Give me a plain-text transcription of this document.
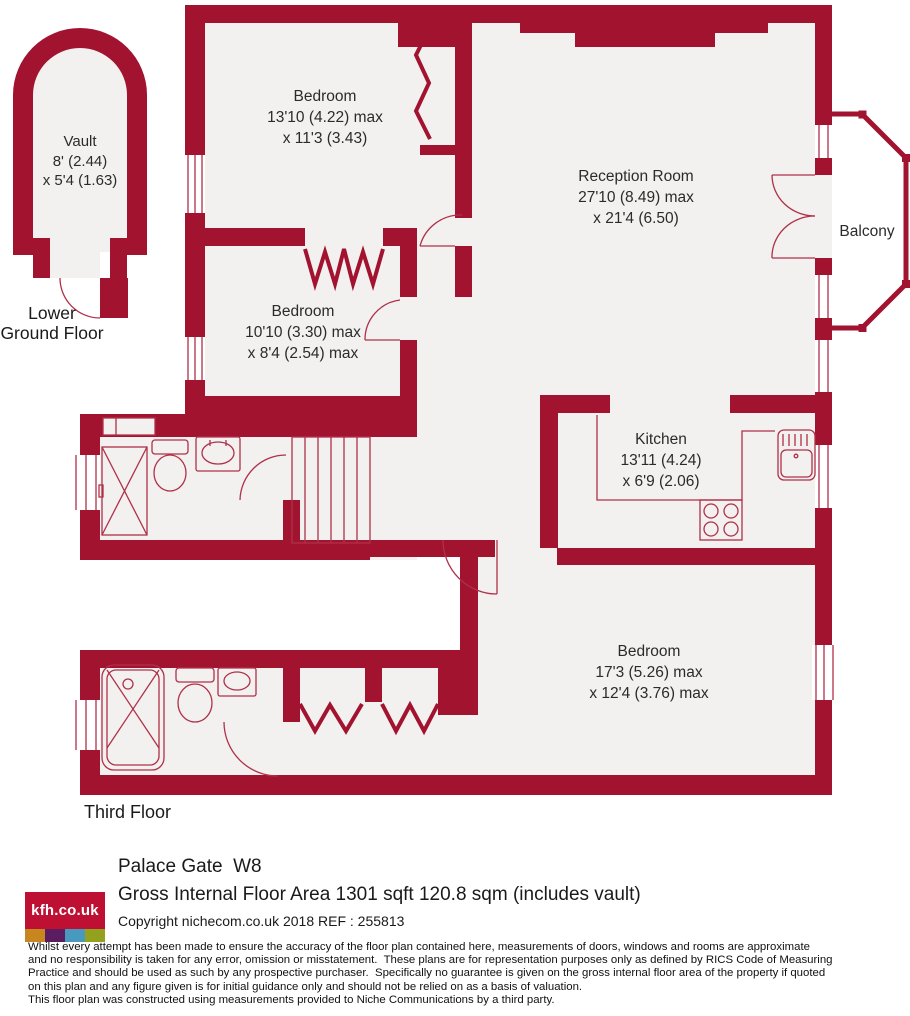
Vault
8' (2.44)
x 5'4 (1.63)
Bedroom
13'10 (4.22) max
x 11'3 (3.43)
Reception Room
27'10 (8.49) max
x 21'4 (6.50)
Balcony
Bedroom
10'10 (3.30) max
x 8'4 (2.54) max
Kitchen
13'11 (4.24)
x 6'9 (2.06)
Bedroom
17'3 (5.26) max
x 12'4 (3.76) max
Lower
Ground Floor
Third Floor
kfh.co.uk
Palace Gate  W8
Gross Internal Floor Area 1301 sqft 120.8 sqm (includes vault)
Copyright nichecom.co.uk 2018 REF : 255813
Whilst every attempt has been made to ensure the accuracy of the floor plan contained here, measurements of doors, windows and rooms are approximate
and no responsibility is taken for any error, omission or misstatement.  These plans are for representation purposes only as defined by RICS Code of Measuring
Practice and should be used as such by any prospective purchaser.  Specifically no guarantee is given on the gross internal floor area of the property if quoted
on this plan and any figure given is for initial guidance only and should not be relied on as a basis of valuation.
This floor plan was constructed using measurements provided to Niche Communications by a third party.
